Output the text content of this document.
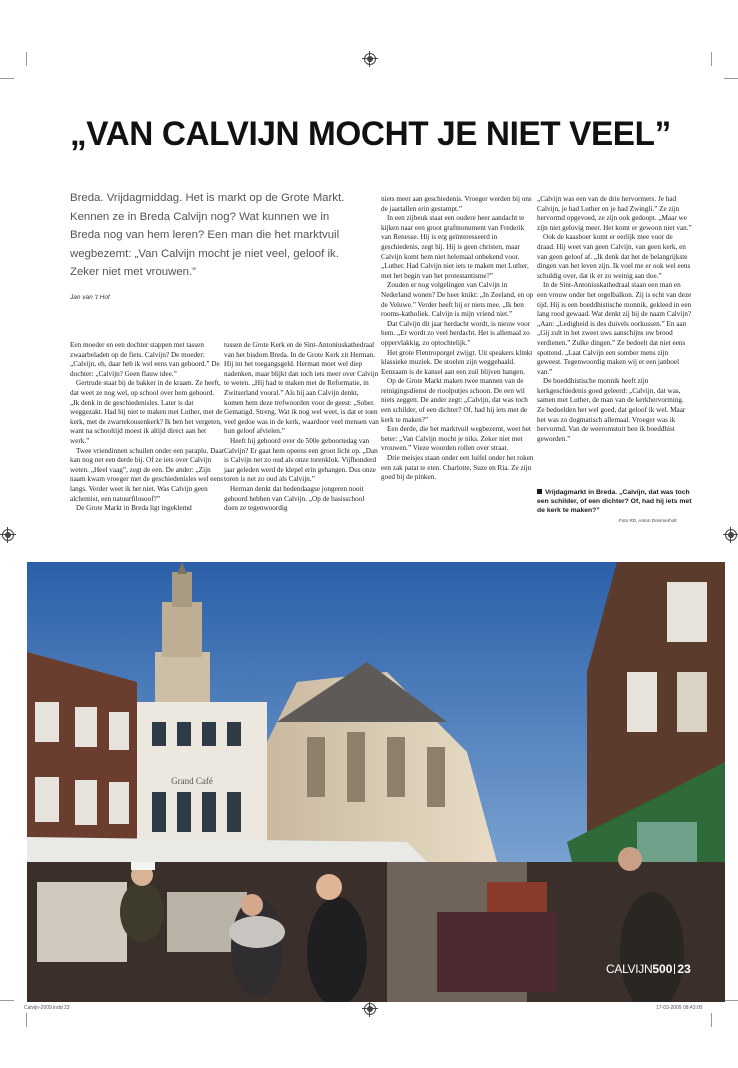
„VAN CALVIJN MOCHT JE NIET VEEL”
Breda. Vrijdagmiddag. Het is markt op de Grote Markt. Kennen ze in Breda Calvijn nog? Wat kunnen we in Breda nog van hem leren? Een man die het marktvuil wegbezemt: „Van Calvijn mocht je niet veel, geloof ik. Zeker niet met vrouwen.”
Jan van ’t Hof

Een moeder en een dochter stappen met tassen zwaarbeladen op de fiets. Calvijn? De moeder: „Calvijn, eh, daar heb ik wel eens van gehoord.” De dochter: „Calvijn? Geen flauw idee.”

Gertrude staat bij de bakker in de kraam. Ze heeft, dat weet ze nog wel, op school over hem gehoord. „Ik denk in de geschiedenisles. Later is dat weggezakt. Had hij niet te maken met Luther, met de kerk, met de zwartekousenkerk? Ik ben het vergeten, want na schooltijd moest ik altijd direct aan het werk.”

Twee vriendinnen schuilen onder een paraplu. Daar kan nog net een derde bij. Of ze iets over Calvijn weten. „Heel vaag”, zegt de een. De ander: „Zijn naam kwam vroeger met de geschiedenisles wel eens langs. Verder weet ik het niet. Was Calvijn geen alchemist, een natuurfilosoof?”

De Grote Markt in Breda ligt ingeklemd

tussen de Grote Kerk en de Sint-Antoniuskathedraal van het bisdom Breda. In de Grote Kerk zit Herman. Hij int het toegangsgeld. Herman moet wel diep nadenken, maar blijkt dan toch iets meer over Calvijn te weten. „Hij had te maken met de Reformatie, in Zwitserland vooral.” Als hij aan Calvijn denkt, komen hem deze trefwoorden voor de geest: „Sober. Gematigd. Streng. Wat ik nog wel weet, is dat er toen veel gedoe was in de kerk, waardoor veel mensen van hun geloof afvielen.”

Heeft hij gehoord over de 500e geboortedag van Calvijn? Er gaat hem opeens een groot licht op. „Dan is Calvijn net zo oud als onze torenklok. Vijfhonderd jaar geleden werd de klepel erin gehangen. Dus onze toren is net zo oud als Calvijn.”

Herman denkt dat hedendaagse jongeren nooit gehoord hebben van Calvijn. „Op de basisschool doen ze tegenwoordig

niets meer aan geschiedenis. Vroeger werden bij ons de jaartallen erin gestampt.”

In een zijbeuk staat een oudere heer aandacht te kijken naar een groot grafmonument van Frederik van Renesse. Hij is erg geïnteresseerd in geschiedenis, zegt hij. Hij is geen christen, maar Calvijn komt hem niet helemaal onbekend voor. „Luther. Had Calvijn niet iets te maken met Luther, met het begin van het protestantisme?”

Zouden er nog volgelingen van Calvijn in Nederland wonen? De heer knikt: „In Zeeland, en op de Veluwe.” Verder heeft hij er niets mee. „Ik ben rooms-katholiek. Calvijn is mijn vriend niet.”

Dat Calvijn dit jaar herdacht wordt, is nieuw voor hem. „Er wordt zo veel herdacht. Het is allemaal zo oppervlakkig, zo optochtelijk.”

Het grote Flentroporgel zwijgt. Uit speakers klinkt klassieke muziek. De stoelen zijn weggehaald. Eenzaam is de kansel aan een zuil blijven hangen.

Op de Grote Markt maken twee mannen van de reinigingsdienst de rioolputjes schoon. De een wil niets zeggen. De ander zegt: „Calvijn, dat was toch een schilder, of een dichter? Of, had hij iets met de kerk te maken?”

Een derde, die het marktvuil wegbezemt, weet het beter: „Van Calvijn mocht je niks. Zeker niet met vrouwen.” Vieze woorden rollen over straat.

Drie meisjes staan onder een luifel onder het roken een zak patat te eten. Charlotte, Suze en Ria. Ze zijn goed bij de pinken.

„Calvijn was een van de drie hervormers. Je had Calvijn, je had Luther en je had Zwingli.” Ze zijn hervormd opgevoed, ze zijn ook gedoopt. „Maar we zijn niet gelovig meer. Het komt er gewoon niet van.”

Ook de kaasboer komt er eerlijk mee voor de draad. Hij weet van geen Calvijn, van geen kerk, en van geen geloof af. „Ik denk dat het de belangrijkste dingen van het leven zijn. Ik voel me er ook wel eens schuldig over, dat ik er zo weinig aan doe.”

In de Sint-Antoniuskathedraal staan een man en een vrouw onder het orgelbalkon. Zij is echt van deze tijd. Hij is een boeddhistische monnik, gekleed in een lang rood gewaad. Wat denkt zij bij de naam Calvijn? „Aan: „Ledigheid is des duivels oorkussen.” En aan „Gij zult in het zweet uws aanschijns uw brood verdienen.” Zulke dingen.” Ze bedoelt dat niet eens spottend. „Laat Calvijn een somber mens zijn geweest. Tegenwoordig maken wij er een janboel van.”

De boeddhistische monnik heeft zijn kerkgeschiedenis goed geleerd: „Calvijn, dat was, samen met Luther, de man van de kerkhervorming. Ze bedoelden het wel goed, dat geloof ik wel. Maar het was zo dogmatisch allemaal. Vroeger was ik hervormd. Van de weeromstuit ben ik boeddhist geworden.”

Vrijdagmarkt in Breda. „Calvijn, dat was toch een schilder, of een dichter? Of, had hij iets met de kerk te maken?”
Foto RD, Anton Dommerholt
Grand Café
CALVIJN500 23
Calvijn-2009.indd 23	17-03-2009 08:43:00
